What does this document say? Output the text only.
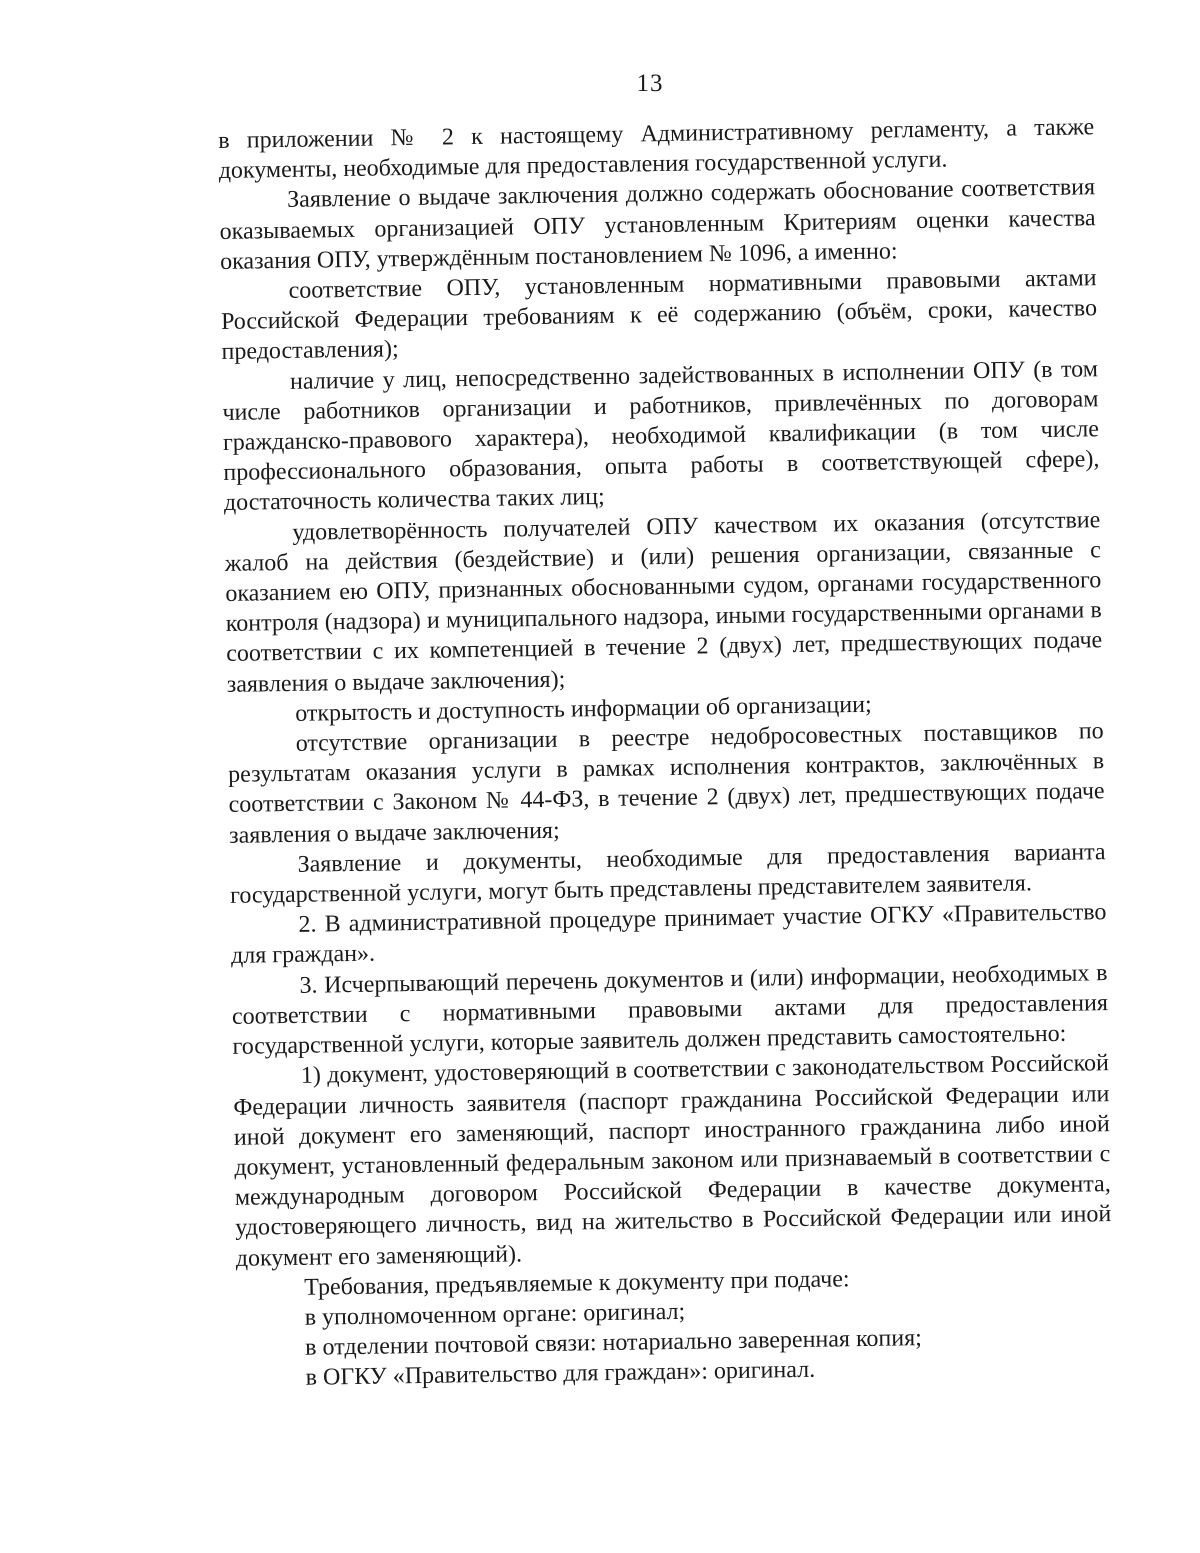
13

в приложении № 2 к настоящему Административному регламенту, а также документы, необходимые для предоставления государственной услуги.

Заявление о выдаче заключения должно содержать обоснование соответствия оказываемых организацией ОПУ установленным Критериям оценки качества оказания ОПУ, утверждённым постановлением № 1096, а именно:

соответствие ОПУ, установленным нормативными правовыми актами Российской Федерации требованиям к её содержанию (объём, сроки, качество предоставления);

наличие у лиц, непосредственно задействованных в исполнении ОПУ (в том числе работников организации и работников, привлечённых по договорам гражданско-правового характера), необходимой квалификации (в том числе профессионального образования, опыта работы в соответствующей сфере), достаточность количества таких лиц;

удовлетворённость получателей ОПУ качеством их оказания (отсутствие жалоб на действия (бездействие) и (или) решения организации, связанные с оказанием ею ОПУ, признанных обоснованными судом, органами государственного контроля (надзора) и муниципального надзора, иными государственными органами в соответствии с их компетенцией в течение 2 (двух) лет, предшествующих подаче заявления о выдаче заключения);

открытость и доступность информации об организации;

отсутствие организации в реестре недобросовестных поставщиков по результатам оказания услуги в рамках исполнения контрактов, заключённых в соответствии с Законом № 44-ФЗ, в течение 2 (двух) лет, предшествующих подаче заявления о выдаче заключения;

Заявление и документы, необходимые для предоставления варианта государственной услуги, могут быть представлены представителем заявителя.

2. В административной процедуре принимает участие ОГКУ «Правительство для граждан».

3. Исчерпывающий перечень документов и (или) информации, необходимых в соответствии с нормативными правовыми актами для предоставления государственной услуги, которые заявитель должен представить самостоятельно:

1) документ, удостоверяющий в соответствии с законодательством Российской Федерации личность заявителя (паспорт гражданина Российской Федерации или иной документ его заменяющий, паспорт иностранного гражданина либо иной документ, установленный федеральным законом или признаваемый в соответствии с международным договором Российской Федерации в качестве документа, удостоверяющего личность, вид на жительство в Российской Федерации или иной документ его заменяющий).

Требования, предъявляемые к документу при подаче:

в уполномоченном органе: оригинал;

в отделении почтовой связи: нотариально заверенная копия;

в ОГКУ «Правительство для граждан»: оригинал.
